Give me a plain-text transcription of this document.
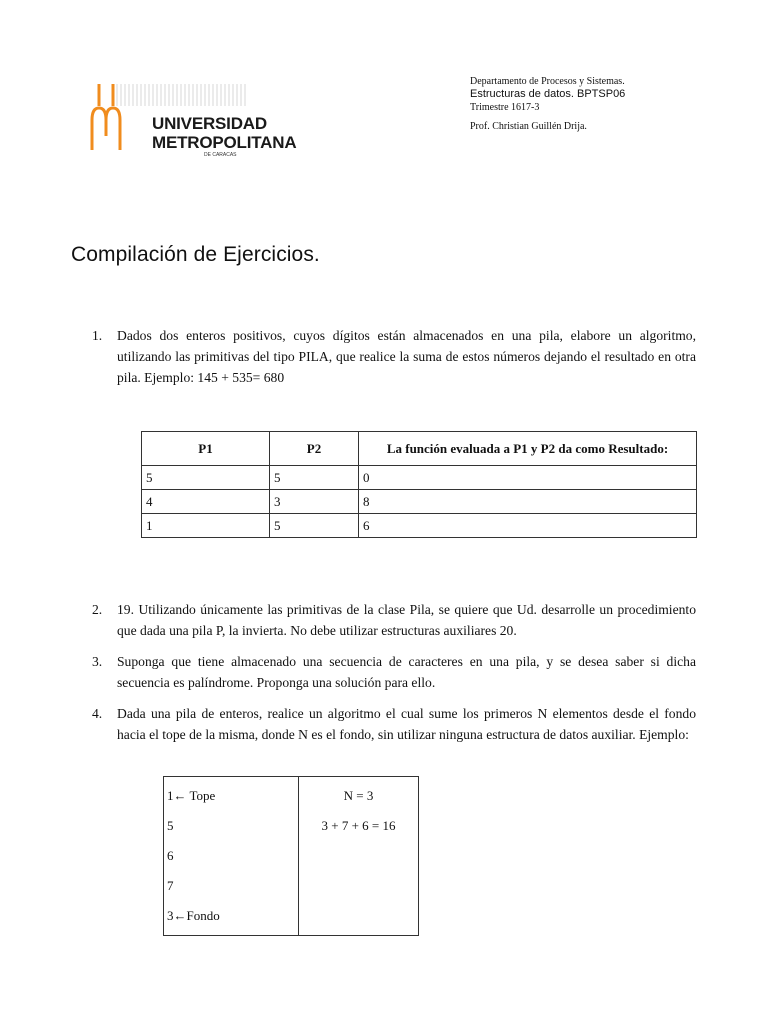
UNIVERSIDAD
METROPOLITANA
DE CARACAS
Departamento de Procesos y Sistemas.
Estructuras de datos. BPTSP06
Trimestre 1617-3
Prof. Christian Guillén Drija.
Compilación de Ejercicios.
1. Dados dos enteros positivos, cuyos dígitos están almacenados en una pila, elabore un algoritmo, utilizando las primitivas del tipo PILA, que realice la suma de estos números dejando el resultado en otra pila. Ejemplo: 145 + 535= 680
P1	P2	La función evaluada a P1 y P2 da como Resultado:
5	5	0
4	3	8
1	5	6
2. 19. Utilizando únicamente las primitivas de la clase Pila, se quiere que Ud. desarrolle un procedimiento que dada una pila P, la invierta. No debe utilizar estructuras auxiliares 20.
3. Suponga que tiene almacenado una secuencia de caracteres en una pila, y se desea saber si dicha secuencia es palíndrome. Proponga una solución para ello.
4. Dada una pila de enteros, realice un algoritmo el cual sume los primeros N elementos desde el fondo hacia el tope de la misma, donde N es el fondo, sin utilizar ninguna estructura de datos auxiliar. Ejemplo:
1← Tope
5
6
7
3←Fondo

N = 3
3 + 7 + 6 = 16
